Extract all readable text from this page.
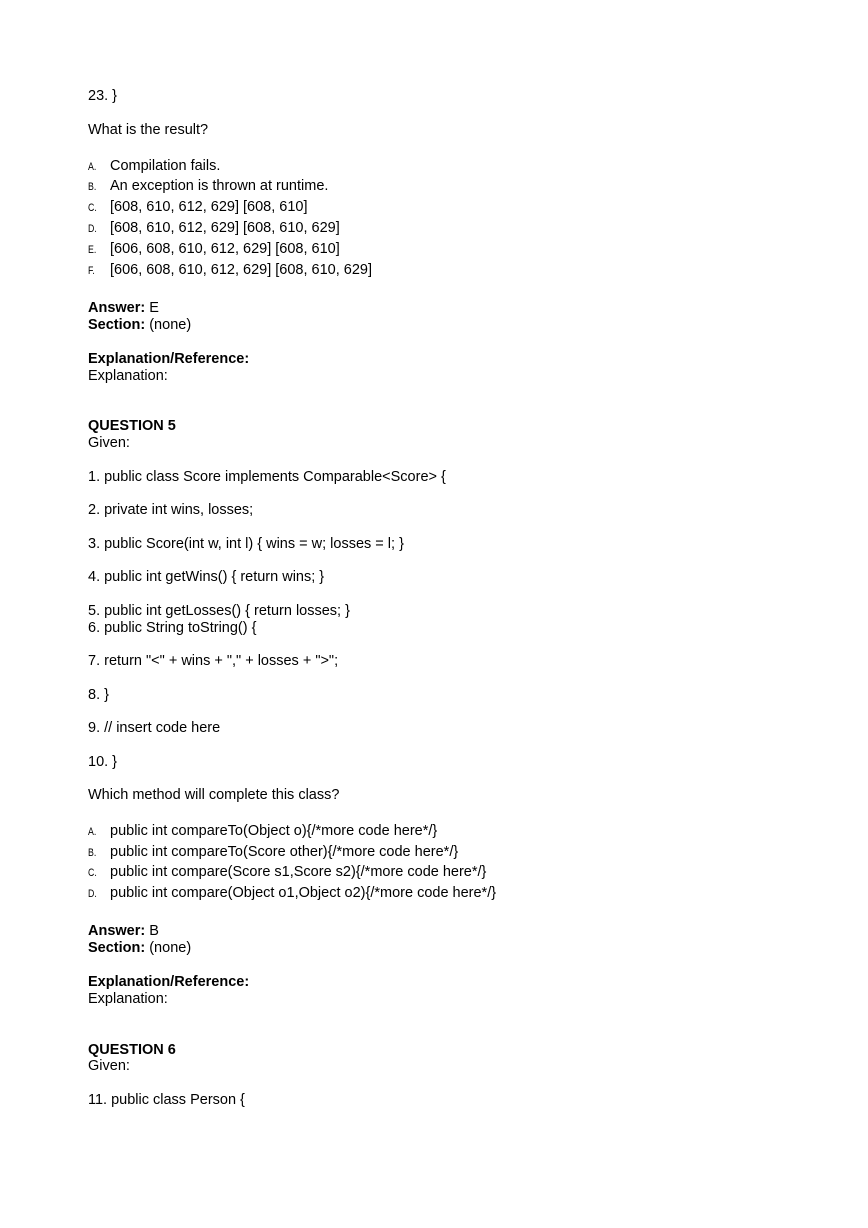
23. }
What is the result?
A. Compilation fails.
B. An exception is thrown at runtime.
C. [608, 610, 612, 629] [608, 610]
D. [608, 610, 612, 629] [608, 610, 629]
E. [606, 608, 610, 612, 629] [608, 610]
F. [606, 608, 610, 612, 629] [608, 610, 629]
Answer: E
Section: (none)
Explanation/Reference:
Explanation:
QUESTION 5
Given:
1. public class Score implements Comparable<Score> {
2. private int wins, losses;
3. public Score(int w, int l) { wins = w; losses = l; }
4. public int getWins() { return wins; }
5. public int getLosses() { return losses; }
6. public String toString() {
7. return "<" + wins + "," + losses + ">";
8. }
9. // insert code here
10. }
Which method will complete this class?
A. public int compareTo(Object o){/*more code here*/}
B. public int compareTo(Score other){/*more code here*/}
C. public int compare(Score s1,Score s2){/*more code here*/}
D. public int compare(Object o1,Object o2){/*more code here*/}
Answer: B
Section: (none)
Explanation/Reference:
Explanation:
QUESTION 6
Given:
11. public class Person {
